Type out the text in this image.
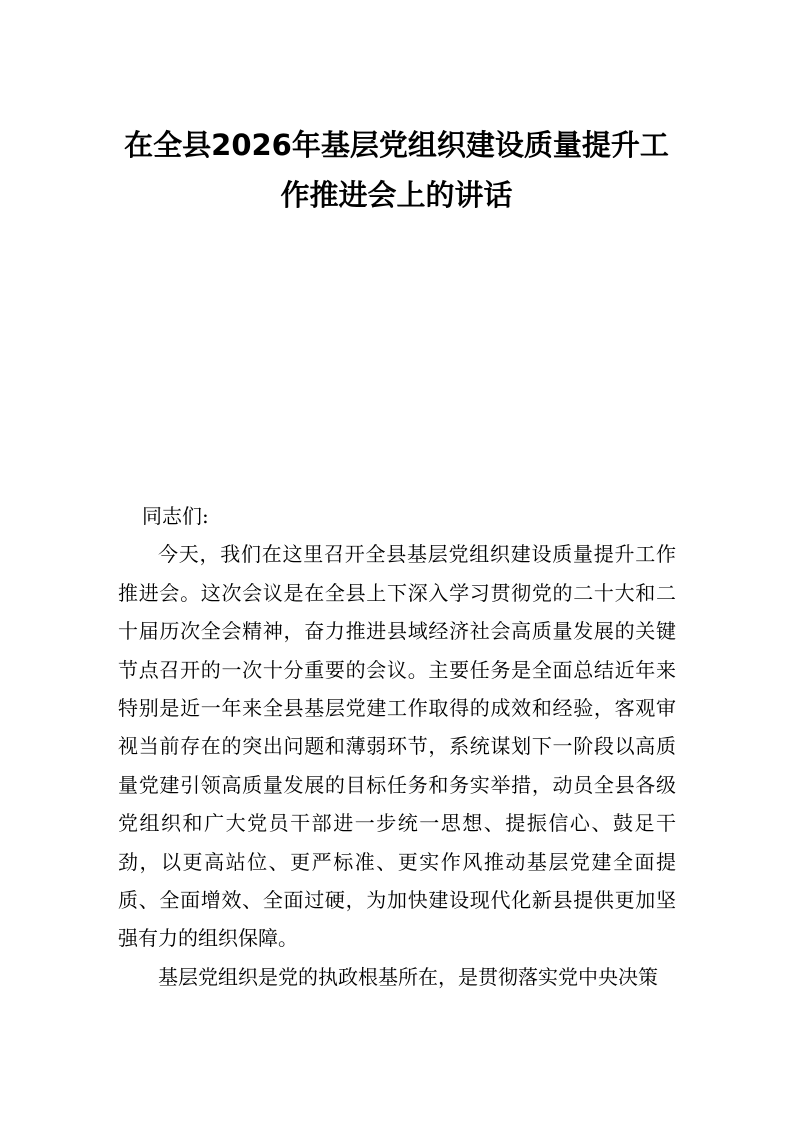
在全县2026年基层党组织建设质量提升工
作推进会上的讲话

同志们:

今天，我们在这里召开全县基层党组织建设质量提升工作推进会。这次会议是在全县上下深入学习贯彻党的二十大和二十届历次全会精神，奋力推进县域经济社会高质量发展的关键节点召开的一次十分重要的会议。主要任务是全面总结近年来特别是近一年来全县基层党建工作取得的成效和经验，客观审视当前存在的突出问题和薄弱环节，系统谋划下一阶段以高质量党建引领高质量发展的目标任务和务实举措，动员全县各级党组织和广大党员干部进一步统一思想、提振信心、鼓足干劲，以更高站位、更严标准、更实作风推动基层党建全面提质、全面增效、全面过硬，为加快建设现代化新县提供更加坚强有力的组织保障。

基层党组织是党的执政根基所在，是贯彻落实党中央决策
